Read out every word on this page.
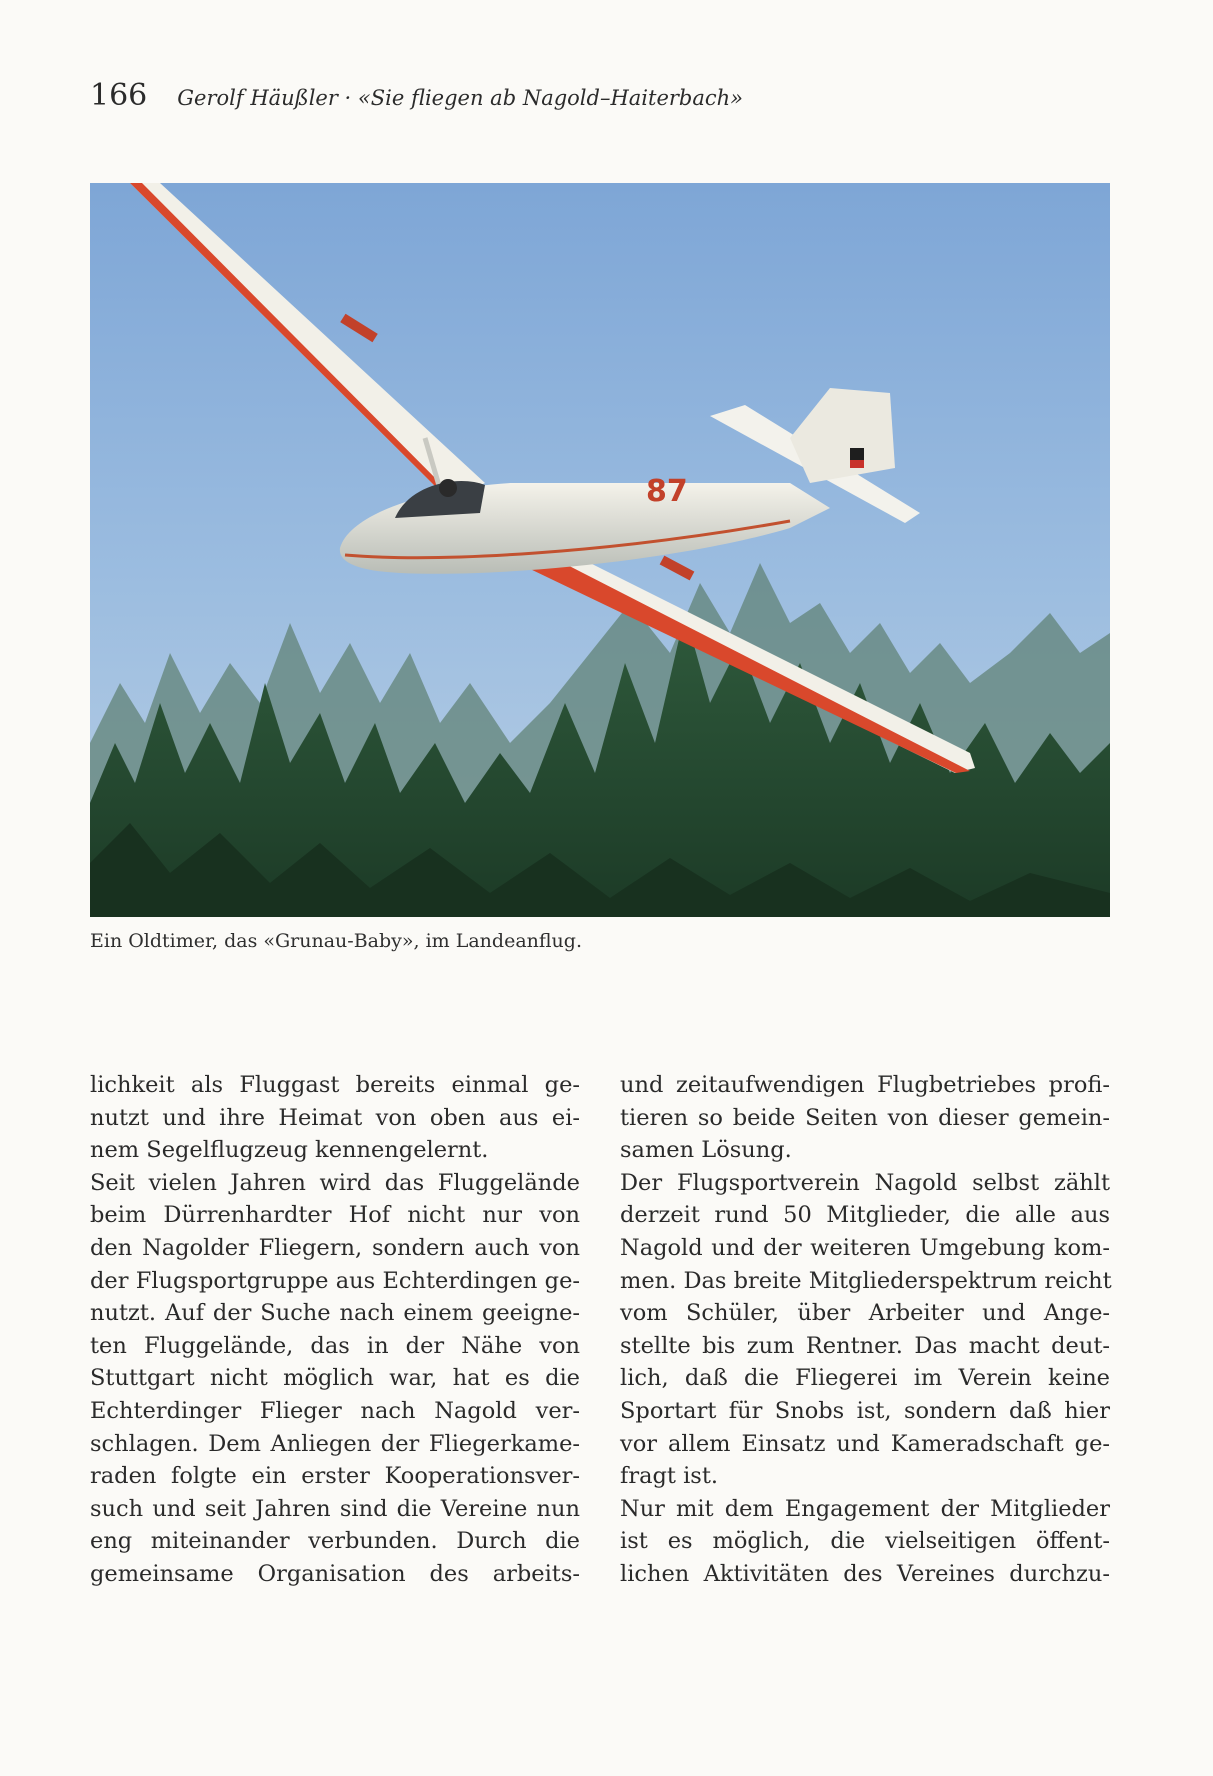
166 Gerolf Häußler · «Sie fliegen ab Nagold–Haiterbach»
87
Ein Oldtimer, das «Grunau-Baby», im Landeanflug.
lichkeit als Fluggast bereits einmal ge-
nutzt und ihre Heimat von oben aus ei-
nem Segelflugzeug kennengelernt.
Seit vielen Jahren wird das Fluggelände
beim Dürrenhardter Hof nicht nur von
den Nagolder Fliegern, sondern auch von
der Flugsportgruppe aus Echterdingen ge-
nutzt. Auf der Suche nach einem geeigne-
ten Fluggelände, das in der Nähe von
Stuttgart nicht möglich war, hat es die
Echterdinger Flieger nach Nagold ver-
schlagen. Dem Anliegen der Fliegerkame-
raden folgte ein erster Kooperationsver-
such und seit Jahren sind die Vereine nun
eng miteinander verbunden. Durch die
gemeinsame Organisation des arbeits-
und zeitaufwendigen Flugbetriebes profi-
tieren so beide Seiten von dieser gemein-
samen Lösung.
Der Flugsportverein Nagold selbst zählt
derzeit rund 50 Mitglieder, die alle aus
Nagold und der weiteren Umgebung kom-
men. Das breite Mitgliederspektrum reicht
vom Schüler, über Arbeiter und Ange-
stellte bis zum Rentner. Das macht deut-
lich, daß die Fliegerei im Verein keine
Sportart für Snobs ist, sondern daß hier
vor allem Einsatz und Kameradschaft ge-
fragt ist.
Nur mit dem Engagement der Mitglieder
ist es möglich, die vielseitigen öffent-
lichen Aktivitäten des Vereines durchzu-
